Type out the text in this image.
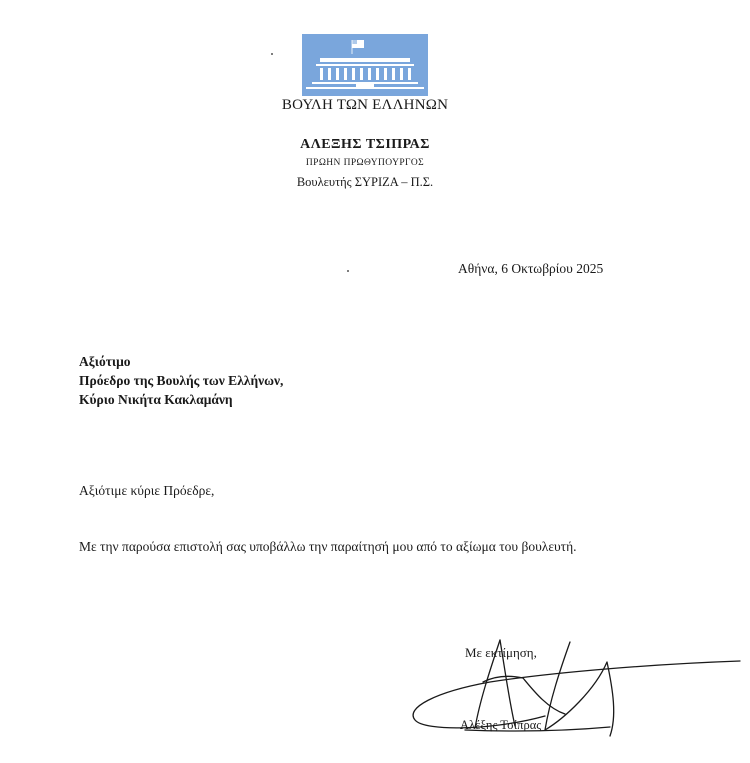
ΒΟΥΛΗ ΤΩΝ ΕΛΛΗΝΩΝ
ΑΛΕΞΗΣ ΤΣΙΠΡΑΣ
ΠΡΩΗΝ ΠΡΩΘΥΠΟΥΡΓΟΣ
Βουλευτής ΣΥΡΙΖΑ – Π.Σ.
Αθήνα, 6 Οκτωβρίου 2025
Αξιότιμο
Πρόεδρο της Βουλής των Ελλήνων,
Κύριο Νικήτα Κακλαμάνη
Αξιότιμε κύριε Πρόεδρε,
Με την παρούσα επιστολή σας υποβάλλω την παραίτησή μου από το αξίωμα του βουλευτή.
Με εκτίμηση,
Αλέξης Τσίπρας
